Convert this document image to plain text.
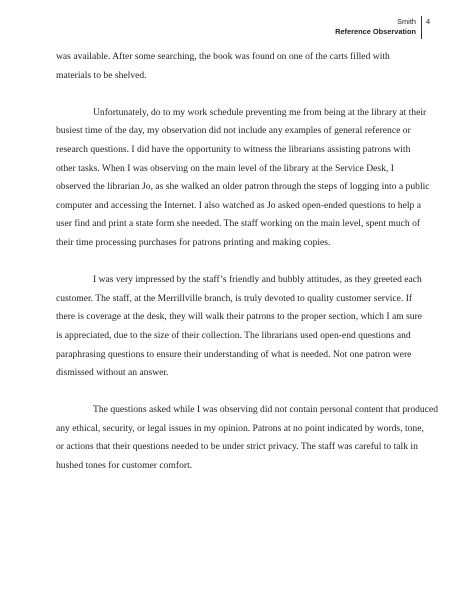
Smith
Reference Observation
4

was available. After some searching, the book was found on one of the carts filled with
materials to be shelved.

Unfortunately, do to my work schedule preventing me from being at the library at their
busiest time of the day, my observation did not include any examples of general reference or
research questions. I did have the opportunity to witness the librarians assisting patrons with
other tasks. When I was observing on the main level of the library at the Service Desk, I
observed the librarian Jo, as she walked an older patron through the steps of logging into a public
computer and accessing the Internet. I also watched as Jo asked open-ended questions to help a
user find and print a state form she needed. The staff working on the main level, spent much of
their time processing purchases for patrons printing and making copies.

I was very impressed by the staff’s friendly and bubbly attitudes, as they greeted each
customer. The staff, at the Merrillville branch, is truly devoted to quality customer service. If
there is coverage at the desk, they will walk their patrons to the proper section, which I am sure
is appreciated, due to the size of their collection. The librarians used open-end questions and
paraphrasing questions to ensure their understanding of what is needed. Not one patron were
dismissed without an answer.

The questions asked while I was observing did not contain personal content that produced
any ethical, security, or legal issues in my opinion. Patrons at no point indicated by words, tone,
or actions that their questions needed to be under strict privacy. The staff was careful to talk in
hushed tones for customer comfort.
